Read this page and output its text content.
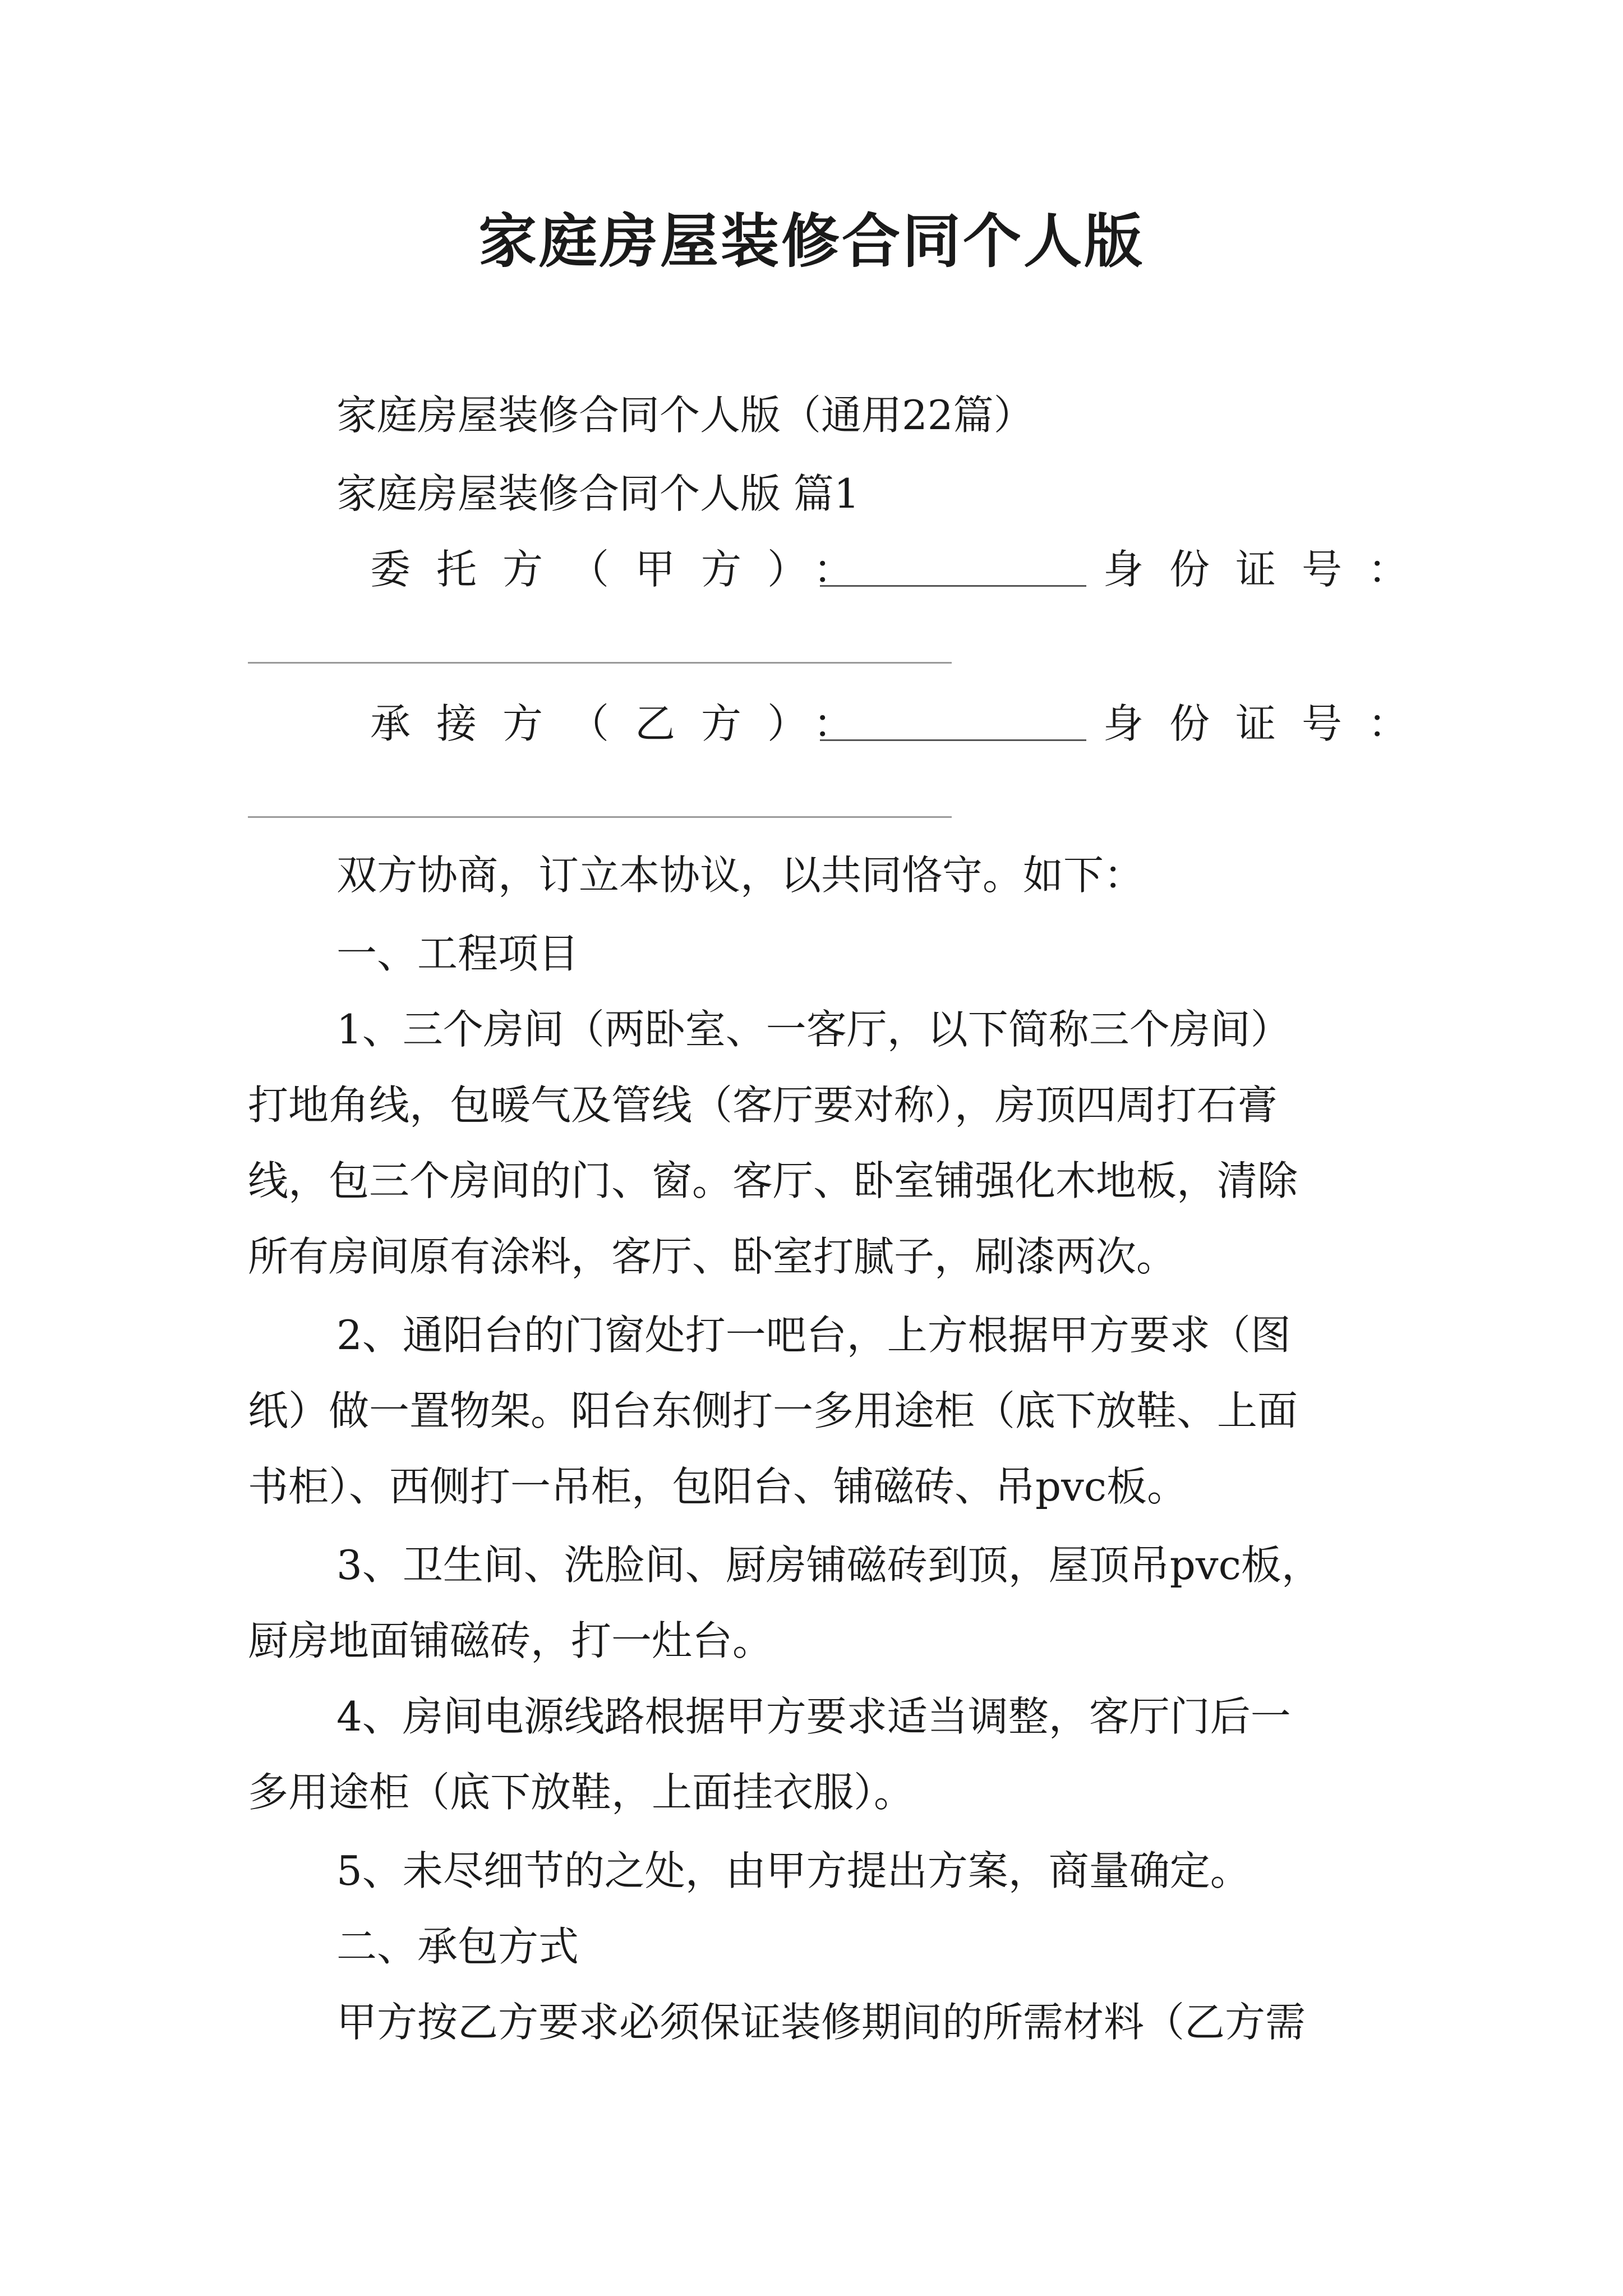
家庭房屋装修合同个人版

家庭房屋装修合同个人版（通用22篇）

家庭房屋装修合同个人版 篇1

委托方（甲方）：	身份证号：
承接方（乙方）：	身份证号：

双方协商，订立本协议，以共同恪守。如下：

一、工程项目

1、三个房间（两卧室、一客厅，以下简称三个房间）

打地角线，包暖气及管线（客厅要对称），房顶四周打石膏

线，包三个房间的门、窗。客厅、卧室铺强化木地板，清除

所有房间原有涂料，客厅、卧室打腻子，刷漆两次。

2、通阳台的门窗处打一吧台，上方根据甲方要求（图

纸）做一置物架。阳台东侧打一多用途柜（底下放鞋、上面

书柜）、西侧打一吊柜，包阳台、铺磁砖、吊pvc板。

3、卫生间、洗脸间、厨房铺磁砖到顶，屋顶吊pvc板，

厨房地面铺磁砖，打一灶台。

4、房间电源线路根据甲方要求适当调整，客厅门后一

多用途柜（底下放鞋，上面挂衣服）。

5、未尽细节的之处，由甲方提出方案，商量确定。

二、承包方式

甲方按乙方要求必须保证装修期间的所需材料（乙方需
